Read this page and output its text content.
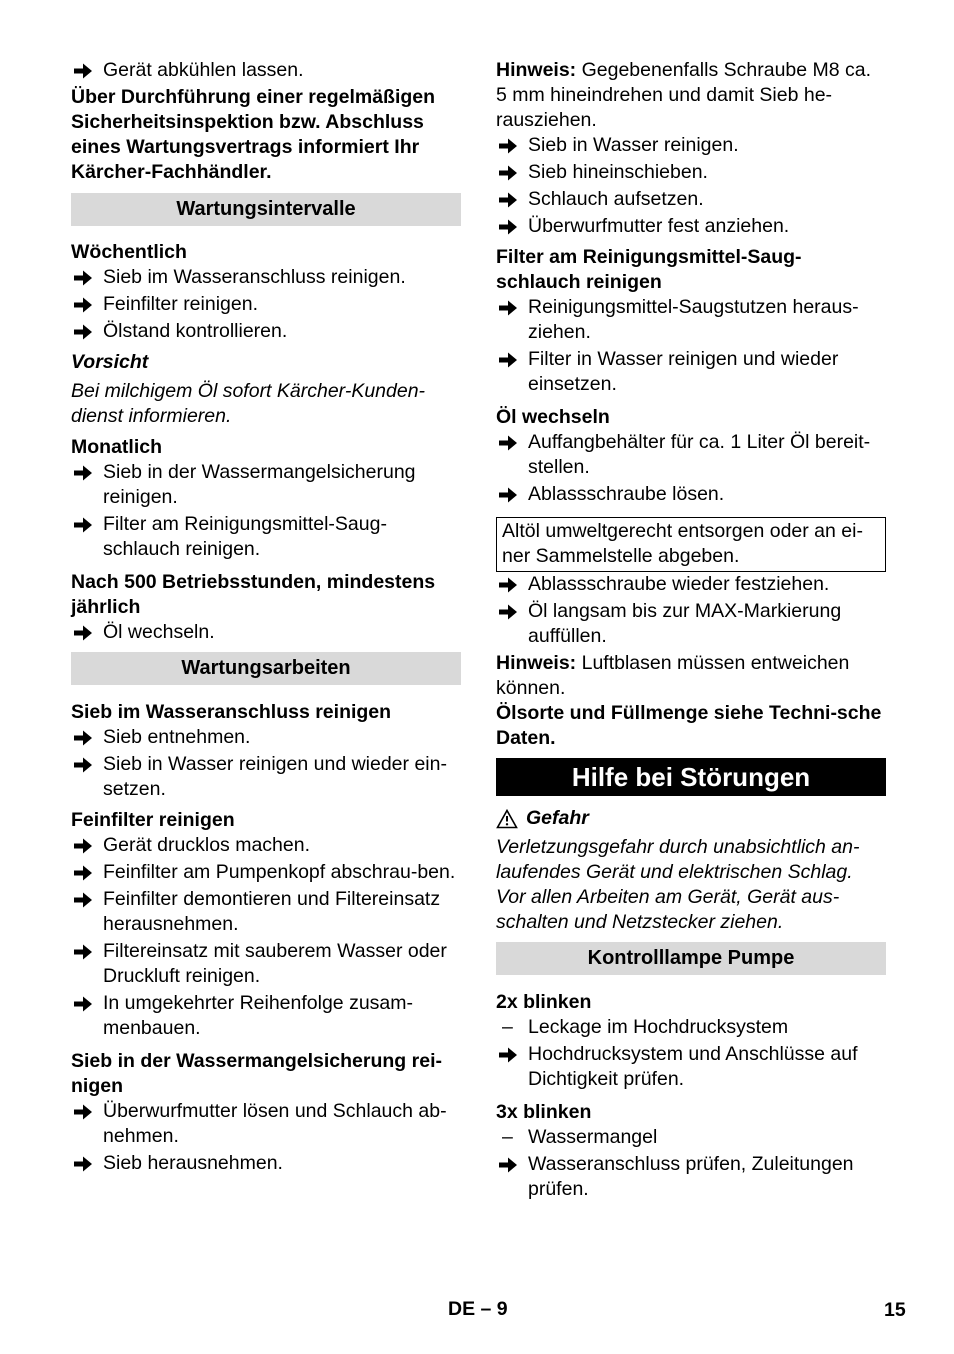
Gerät abkühlen lassen.

Über Durchführung einer regelmäßigen Sicherheitsinspektion bzw. Abschluss eines Wartungsvertrags informiert Ihr Kärcher-Fachhändler.

Wartungsintervalle

Wöchentlich

Sieb im Wasseranschluss reinigen.
Feinfilter reinigen.
Ölstand kontrollieren.

Vorsicht

Bei milchigem Öl sofort Kärcher-Kunden-dienst informieren.

Monatlich

Sieb in der Wassermangelsicherung reinigen.
Filter am Reinigungsmittel-Saug-schlauch reinigen.

Nach 500 Betriebsstunden, mindestens jährlich

Öl wechseln.
Wartungsarbeiten

Sieb im Wasseranschluss reinigen

Sieb entnehmen.
Sieb in Wasser reinigen und wieder ein-setzen.

Feinfilter reinigen

Gerät drucklos machen.
Feinfilter am Pumpenkopf abschrau-ben.
Feinfilter demontieren und Filtereinsatz herausnehmen.
Filtereinsatz mit sauberem Wasser oder Druckluft reinigen.
In umgekehrter Reihenfolge zusam-menbauen.

Sieb in der Wassermangelsicherung rei-nigen

Überwurfmutter lösen und Schlauch ab-nehmen.
Sieb herausnehmen.

Hinweis: Gegebenenfalls Schraube M8 ca. 5 mm hineindrehen und damit Sieb he-rausziehen.

Sieb in Wasser reinigen.
Sieb hineinschieben.
Schlauch aufsetzen.
Überwurfmutter fest anziehen.

Filter am Reinigungsmittel-Saug-schlauch reinigen

Reinigungsmittel-Saugstutzen heraus-ziehen.
Filter in Wasser reinigen und wieder einsetzen.

Öl wechseln

Auffangbehälter für ca. 1 Liter Öl bereit-stellen.
Ablassschraube lösen.
Altöl umweltgerecht entsorgen oder an ei-ner Sammelstelle abgeben.
Ablassschraube wieder festziehen.
Öl langsam bis zur MAX-Markierung auffüllen.

Hinweis: Luftblasen müssen entweichen können.

Ölsorte und Füllmenge siehe Techni-sche Daten.

Hilfe bei Störungen
Gefahr

Verletzungsgefahr durch unabsichtlich an-laufendes Gerät und elektrischen Schlag. Vor allen Arbeiten am Gerät, Gerät aus-schalten und Netzstecker ziehen.

Kontrolllampe Pumpe

2x blinken

– Leckage im Hochdrucksystem
Hochdrucksystem und Anschlüsse auf Dichtigkeit prüfen.

3x blinken

– Wassermangel
Wasseranschluss prüfen, Zuleitungen prüfen.
DE – 9	15
